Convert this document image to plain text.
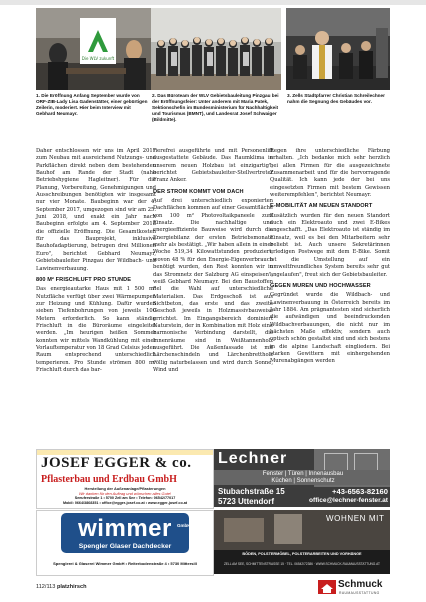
Die WLV zukunft
1. Die Eröffnung Anfang September wurde von ORF-ZIB-Lady Lisa Gadenstätter, einer gebürtigen Zeilerin, moderiert. Hier beim Interview mit Gebhard Neumayr.
2. Das Büroteam der WLV Gebietsbauleitung Pinzgau bei der Eröffnungsfeier: Unter anderem mit Maria Patek, Sektionschefin im Bundesministerium für Nachhaltigkeit und Tourismus (BMNT), und Landesrat Josef Schwaiger (Bildmitte).
3. Zells Stadtpfarrer Christian Schreilechner nahm die Segnung des Gebäudes vor.

Daher entschlossen wir uns im April 2017 zum Neubau mit ausreichend Nutzungs- und Parkflächen direkt neben dem bestehenden Bauhof am Rande der Stadt (nahe Betriebshygiene Hagleitner). Für die Planung, Vorbereitung, Genehmigungen und Ausschreibungen benötigten wir insgesamt nur vier Monate. Baubeginn war der 4. September 2017, umgezogen sind wir am 25. Juni 2018, und exakt ein Jahr nach Baubeginn erfolgte am 4. September 2018 die offizielle Eröffnung. Die Gesamtkosten für das Bauprojekt, inklusive Bauhofadaptierung, betrugen drei Millionen Euro", berichtet Gebhard Neumayr, Gebietsbauleiter Pinzgau der Wildbach- und Lawinenverbauung.

800 M² FRISCHLUFT PRO STUNDE

Das energieautarke Haus mit 1 500 m² Nutzfläche verfügt über zwei Wärmepumpen zur Heizung und Kühlung. Dafür wurden sieben Tiefenbohrungen von jeweils 100 Metern erforderlich. So kann ständig Frischluft in die Büroräume eingeleitet werden. „Im heurigen heißen Sommer konnten wir mittels Wandkühlung mit einer Vorlauftemperatur von 18 Grad Celsius jeden Raum entsprechend unterschiedlich temperieren. Pro Stunde strömen 800 m³ Frischluft durch das bar-

rierefrei ausgeführte und mit Personenlift ausgestattete Gebäude. Das Raumklima in unserem neuen Holzbau ist einzigartig", berichtet Gebietsbauleiter-Stellvertreter Franz Anker.

DER STROM KOMMT VOM DACH

Auf drei unterschiedlich exponierten Dachflächen kommen auf einer Gesamtfläche von 100 m² Photovoltaikpaneele zum Einsatz. Die nachhaltige und energieeffiziente Bauweise wird durch die Energiebilanz der ersten Betriebsmonate mehr als bestätigt. „Wir haben allein in einer Woche 519,34 Kilowattstunden produziert, wovon 48 % für den Energie-Eigenverbrauch benötigt wurden, den Rest konnten wir in das Stromnetz der Salzburg AG einspeisen", weiß Gebhard Neumayr. Bei den Baustoffen fiel die Wahl auf unterschiedliche Materialien. Das Erdgeschoß ist aus Sichtbeton, das erste und das zweite Geschoß jeweils in Holzmassivbauweise errichtet. Im Eingangsbereich dominiert Naturstein, der in Kombination mit Holz eine harmonische Verbindung darstellt, die Innenräume sind in Weißtannenholz ausgeführt. Die Außenfassade ist mit Lärchenschindeln und Lärchenbrettholz völlig naturbelassen und wird durch Sonne, Wind und

Regen ihre unterschiedliche Färbung erhalten. „Ich bedanke mich sehr herzlich bei allen Firmen für die ausgezeichnete Zusammenarbeit und für die hervorragende Qualität. Ich kann jede der bei uns eingesetzten Firmen mit bestem Gewissen weiterempfehlen", berichtet Neumayr.

E-MOBILITÄT AM NEUEN STANDORT

Zusätzlich wurden für den neuen Standort auch ein Elektroauto und zwei E-Bikes angeschafft. „Das Elektroauto ist ständig im Einsatz, weil es bei den Mitarbeitern sehr beliebt ist. Auch unsere Sekretärinnen erledigen Postwege mit dem E-Bike. Somit ist die Umstellung auf ein umweltfreundliches System bereits sehr gut angelaufen", freut sich der Gebietsbauleiter.

GEGEN MUREN UND HOCHWASSER

Gegründet wurde die Wildbach- und Lawinenverbauung in Österreich bereits im Jahr 1884. Am prägnantesten sind sicherlich die aufwändigen und beeindruckenden Wildbachverbauungen, die nicht nur im hächsten Maße effektiv, sondern auch optisch schön gestaltet sind und sich bestens in die alpine Landschaft eingliedern. Bei starken Gewittern mit einhergehenden Murenabgängen werden

JOSEF EGGER & co.
Pflasterbau und Erdbau GmbH
Herstellung der Außenanlage/Pflasterungen
Wir danken für den Auftrag und wünschen alles Gute!
Seeuferstraße 1 • 5700 Zell am See • Telefon: 06542/77017
Mobil: 0664/3868351 • office@egger-josef.co.at • www.egger-josef.co.at
Lechner
Fenster | Türen | Innenausbau
Küchen | Sonnenschutz
Stubachstraße 15
5723 Uttendorf
+43-6563-82160
office@lechner-fenster.at
wimmer	GmbH
Spengler Glaser Dachdecker
Spenglerei & Glaserei Wimmer GmbH • Reiterbodenstraße 4 • 5730 Mittersill
WOHNEN MIT
BÖDEN, POLSTERMÖBEL, POLSTERARBEITEN UND VORHÄNGE
ZELL AM SEE, SCHMITTENSTRASSE 15 · TEL. 06542/72386 · WWW.SCHMUCK-RAUMAUSSTATTUNG.AT
112/113 platzhirsch	Schmuck
RAUMAUSSTATTUNG
